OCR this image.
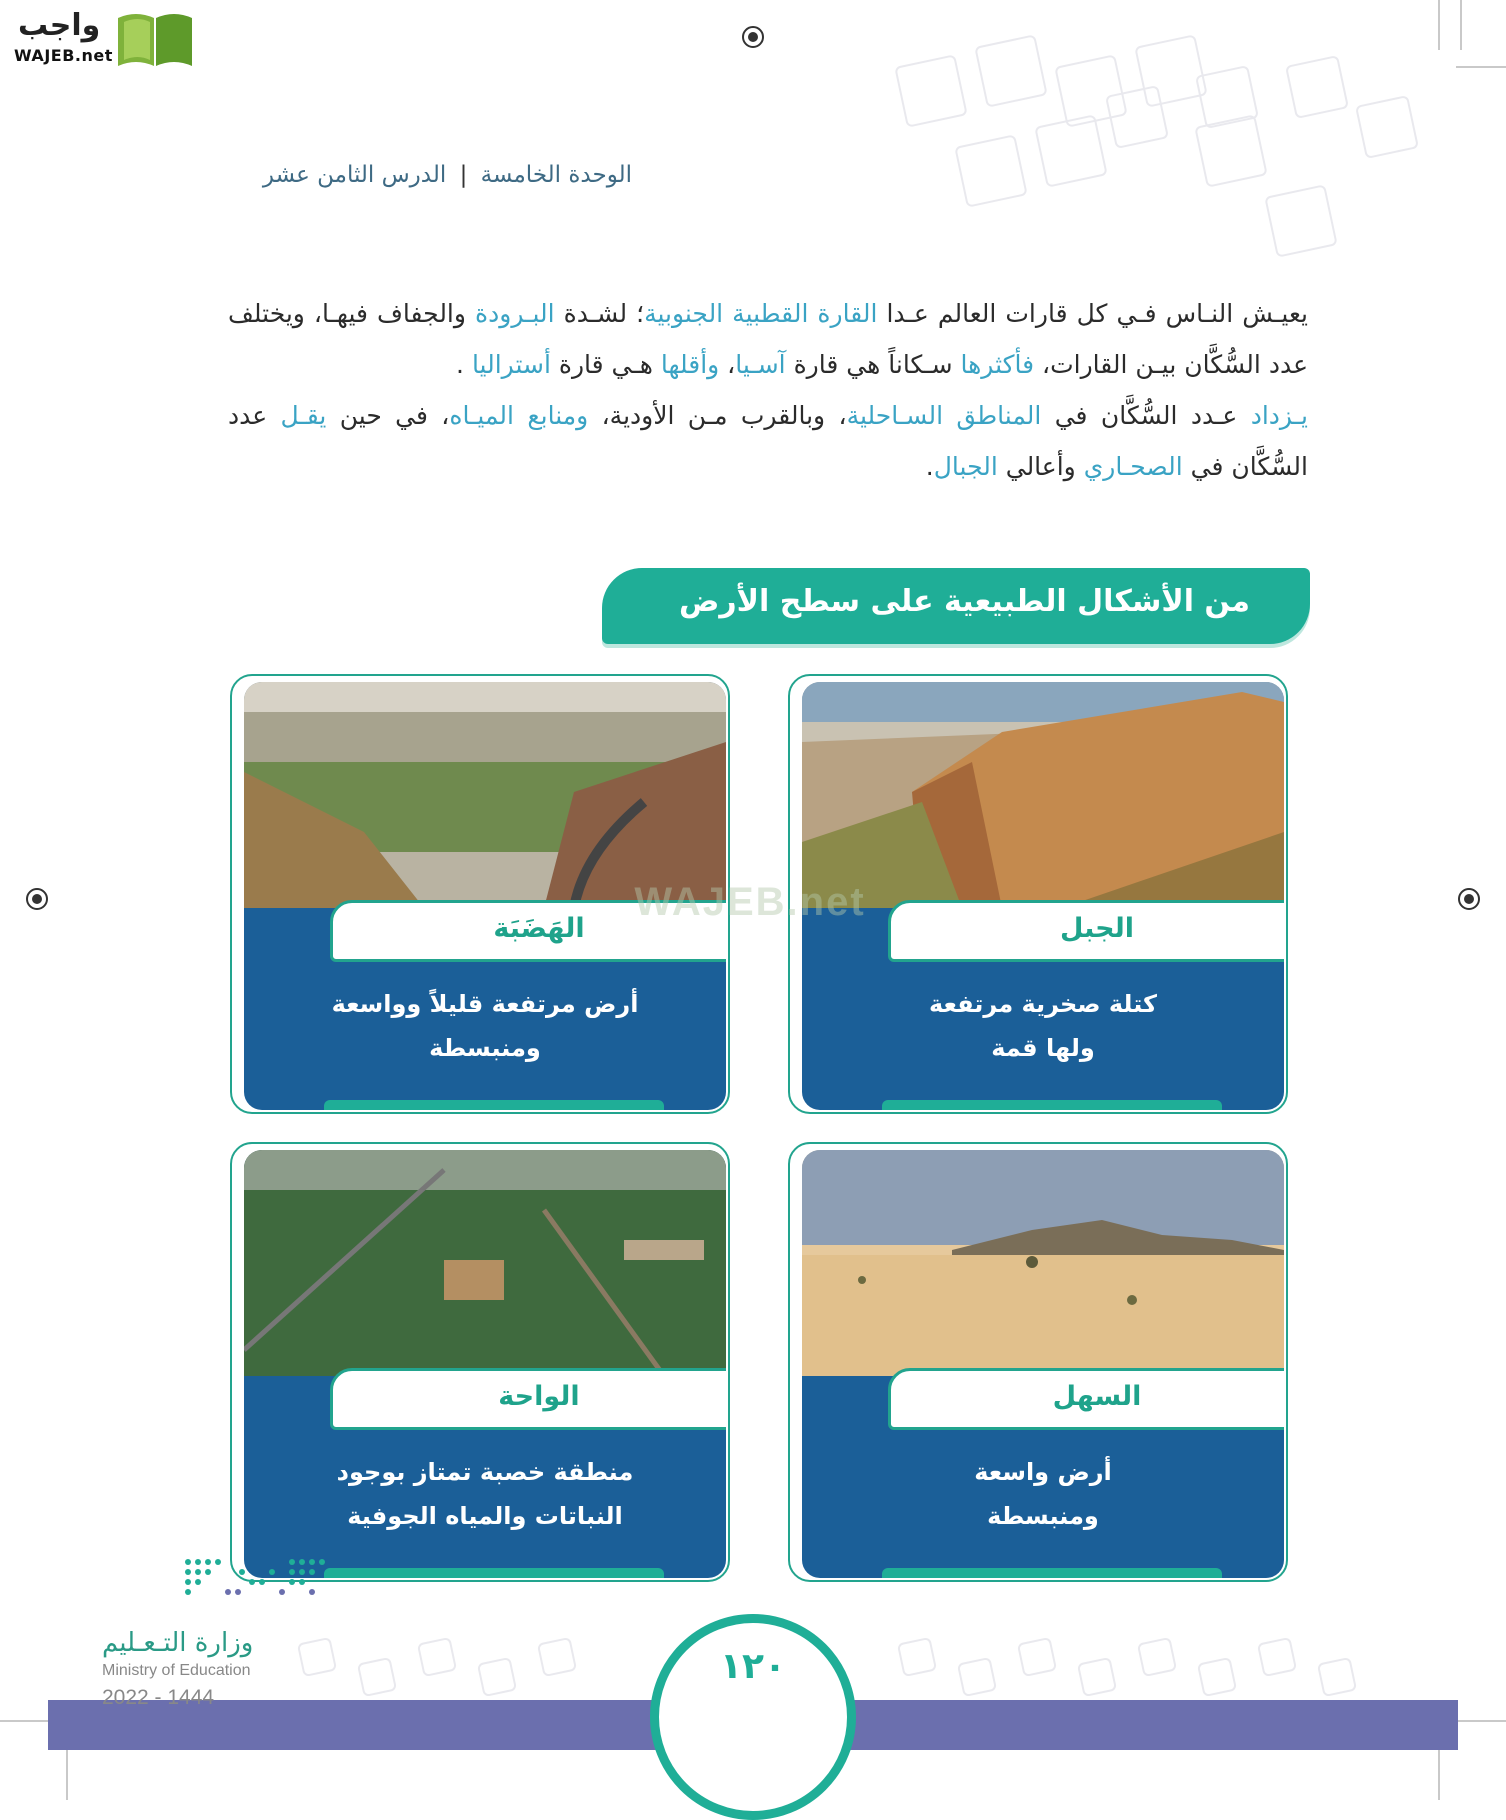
واجب
WAJEB.net
الوحدة الخامسة | الدرس الثامن عشر

يعيـش النـاس فـي كل قارات العالم عـدا القارة القطبية الجنوبية؛ لشـدة البـرودة والجفاف فيهـا، ويختلف عدد السُّكَّان بيـن القارات، فأكثرها سـكاناً هي قارة آسـيا، وأقلها هـي قارة أستراليا .

يـزداد عـدد السُّكَّان في المناطق السـاحلية، وبالقرب مـن الأودية، ومنابع الميـاه، في حين يقـل عدد السُّكَّان في الصحـاري وأعالي الجبال.

من الأشكال الطبيعية على سطح الأرض
الجبل
كتلة صخرية مرتفعة
ولها قمة
الهَضَبَة
أرض مرتفعة قليلاً وواسعة
ومنبسطة
السهل
أرض واسعة
ومنبسطة
الواحة
منطقة خصبة تمتاز بوجود
النباتات والمياه الجوفية
WAJEB.net
١٢٠
وزارة التـعـليم
Ministry of Education
2022 - 1444
